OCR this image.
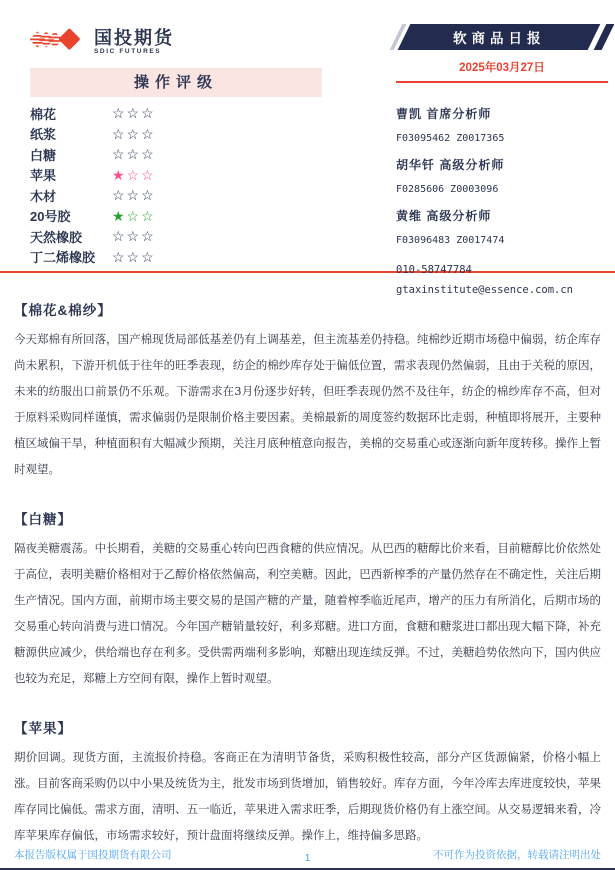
国投期货
SDIC FUTURES
操作评级
棉花	☆☆☆
纸浆	☆☆☆
白糖	☆☆☆
苹果	★☆☆
木材	☆☆☆
20号胶	★☆☆
天然橡胶	☆☆☆
丁二烯橡胶	☆☆☆
软商品日报
2025年03月27日
曹凯 首席分析师
F03095462 Z0017365
胡华钎 高级分析师
F0285606 Z0003096
黄维 高级分析师
F03096483 Z0017474
010-58747784
gtaxinstitute@essence.com.cn
【棉花&棉纱】

今天郑棉有所回落，国产棉现货局部低基差仍有上调基差，但主流基差仍持稳。纯棉纱近期市场稳中偏弱，纺企库存尚未累积，下游开机低于往年的旺季表现，纺企的棉纱库存处于偏低位置，需求表现仍然偏弱，且由于关税的原因，未来的纺服出口前景仍不乐观。下游需求在3月份逐步好转，但旺季表现仍然不及往年，纺企的棉纱库存不高，但对于原料采购同样谨慎，需求偏弱仍是限制价格主要因素。美棉最新的周度签约数据环比走弱，种植即将展开，主要种植区域偏干旱，种植面积有大幅减少预期，关注月底种植意向报告，美棉的交易重心或逐渐向新年度转移。操作上暂时观望。

【白糖】

隔夜美糖震荡。中长期看，美糖的交易重心转向巴西食糖的供应情况。从巴西的糖醇比价来看，目前糖醇比价依然处于高位，表明美糖价格相对于乙醇价格依然偏高，利空美糖。因此，巴西新榨季的产量仍然存在不确定性，关注后期生产情况。国内方面，前期市场主要交易的是国产糖的产量，随着榨季临近尾声，增产的压力有所消化，后期市场的交易重心转向消费与进口情况。今年国产糖销量较好，利多郑糖。进口方面，食糖和糖浆进口都出现大幅下降，补充糖源供应减少，供给端也存在利多。受供需两端利多影响，郑糖出现连续反弹。不过，美糖趋势依然向下，国内供应也较为充足，郑糖上方空间有限，操作上暂时观望。

【苹果】

期价回调。现货方面，主流报价持稳。客商正在为清明节备货，采购积极性较高，部分产区货源偏紧，价格小幅上涨。目前客商采购仍以中小果及统货为主，批发市场到货增加，销售较好。库存方面，今年冷库去库进度较快，苹果库存同比偏低。需求方面，清明、五一临近，苹果进入需求旺季，后期现货价格仍有上涨空间。从交易逻辑来看，冷库苹果库存偏低，市场需求较好，预计盘面将继续反弹。操作上，维持偏多思路。

本报告版权属于国投期货有限公司	1	不可作为投资依据，转载请注明出处
